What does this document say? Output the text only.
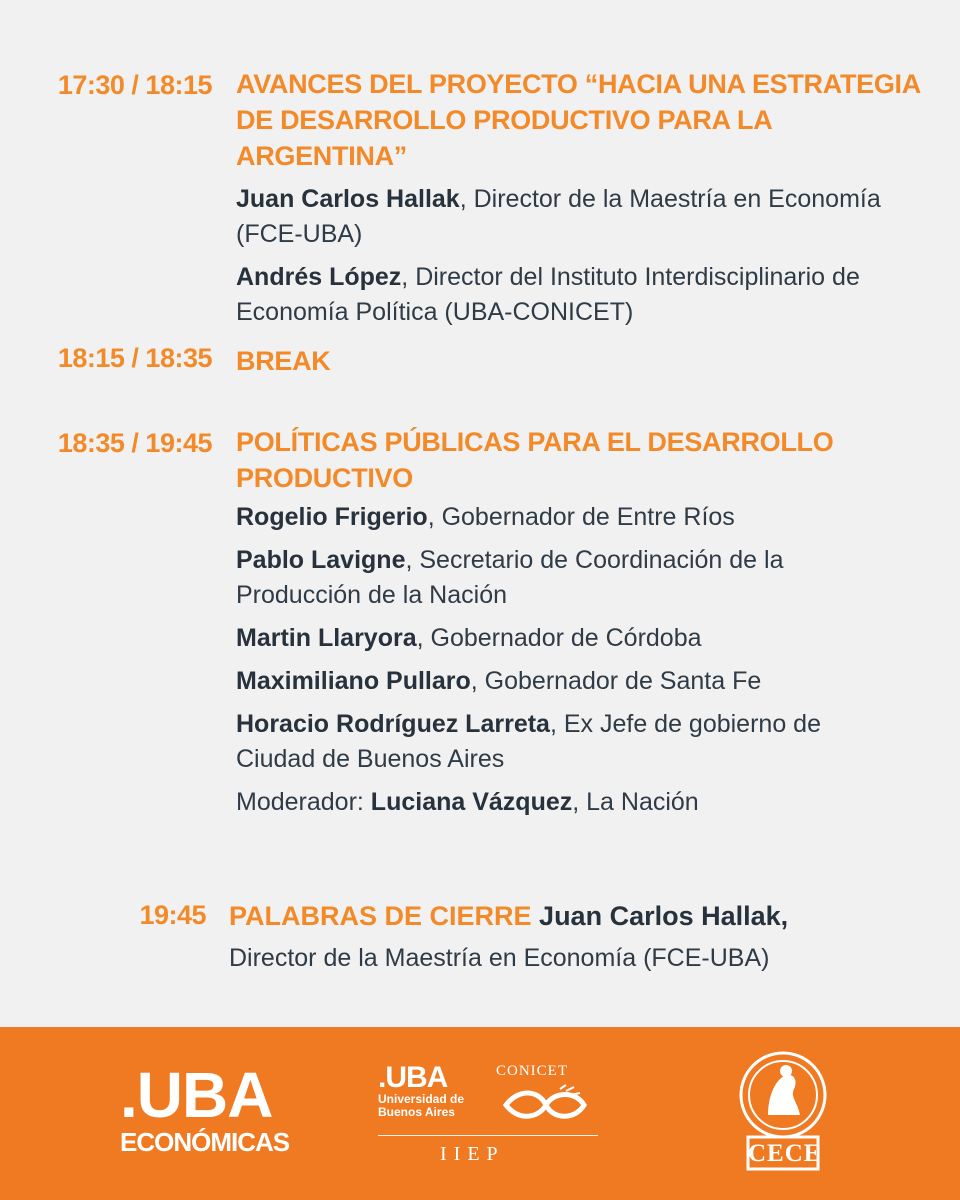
17:30 / 18:15 AVANCES DEL PROYECTO “HACIA UNA ESTRATEGIA
DE DESARROLLO PRODUCTIVO PARA LA ARGENTINA”
Juan Carlos Hallak, Director de la Maestría en Economía
(FCE-UBA)
Andrés López, Director del Instituto Interdisciplinario de
Economía Política (UBA-CONICET)
18:15 / 18:35 BREAK
18:35 / 19:45 POLÍTICAS PÚBLICAS PARA EL DESARROLLO
PRODUCTIVO
Rogelio Frigerio, Gobernador de Entre Ríos
Pablo Lavigne, Secretario de Coordinación de la
Producción de la Nación
Martin Llaryora, Gobernador de Córdoba
Maximiliano Pullaro, Gobernador de Santa Fe
Horacio Rodríguez Larreta, Ex Jefe de gobierno de
Ciudad de Buenos Aires
Moderador: Luciana Vázquez, La Nación
19:45 PALABRAS DE CIERRE Juan Carlos Hallak,
Director de la Maestría en Economía (FCE-UBA)
.UBA
ECONÓMICAS
.UBA
Universidad de
Buenos Aires
CONICET
IIEP	CECE
